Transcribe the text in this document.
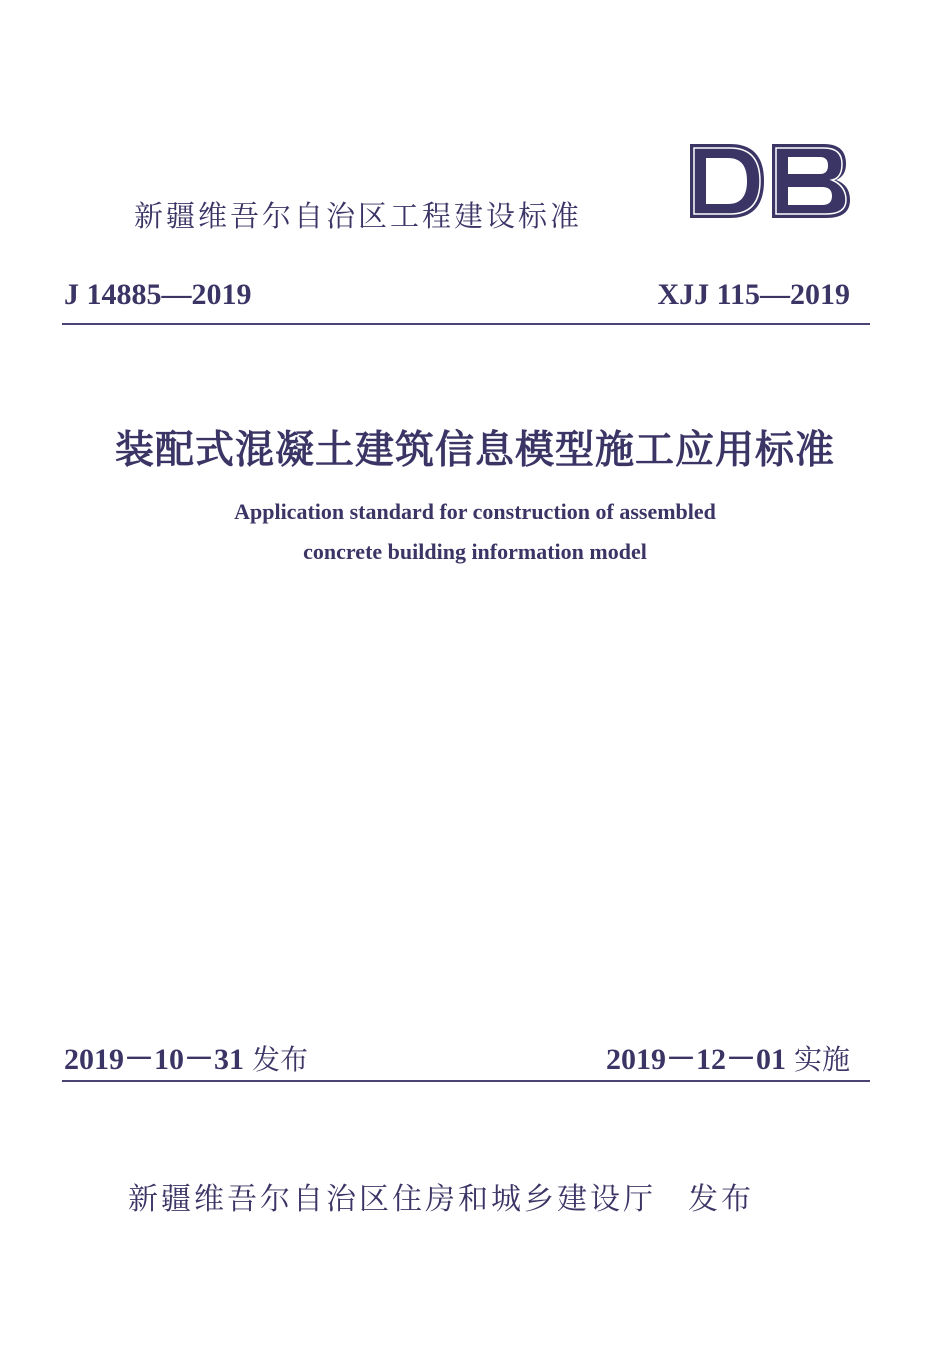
新疆维吾尔自治区工程建设标准
J 14885—2019	XJJ 115—2019
装配式混凝土建筑信息模型施工应用标准
Application standard for construction of assembled
concrete building information model
2019－10－31 发布	2019－12－01 实施
新疆维吾尔自治区住房和城乡建设厅 发布
